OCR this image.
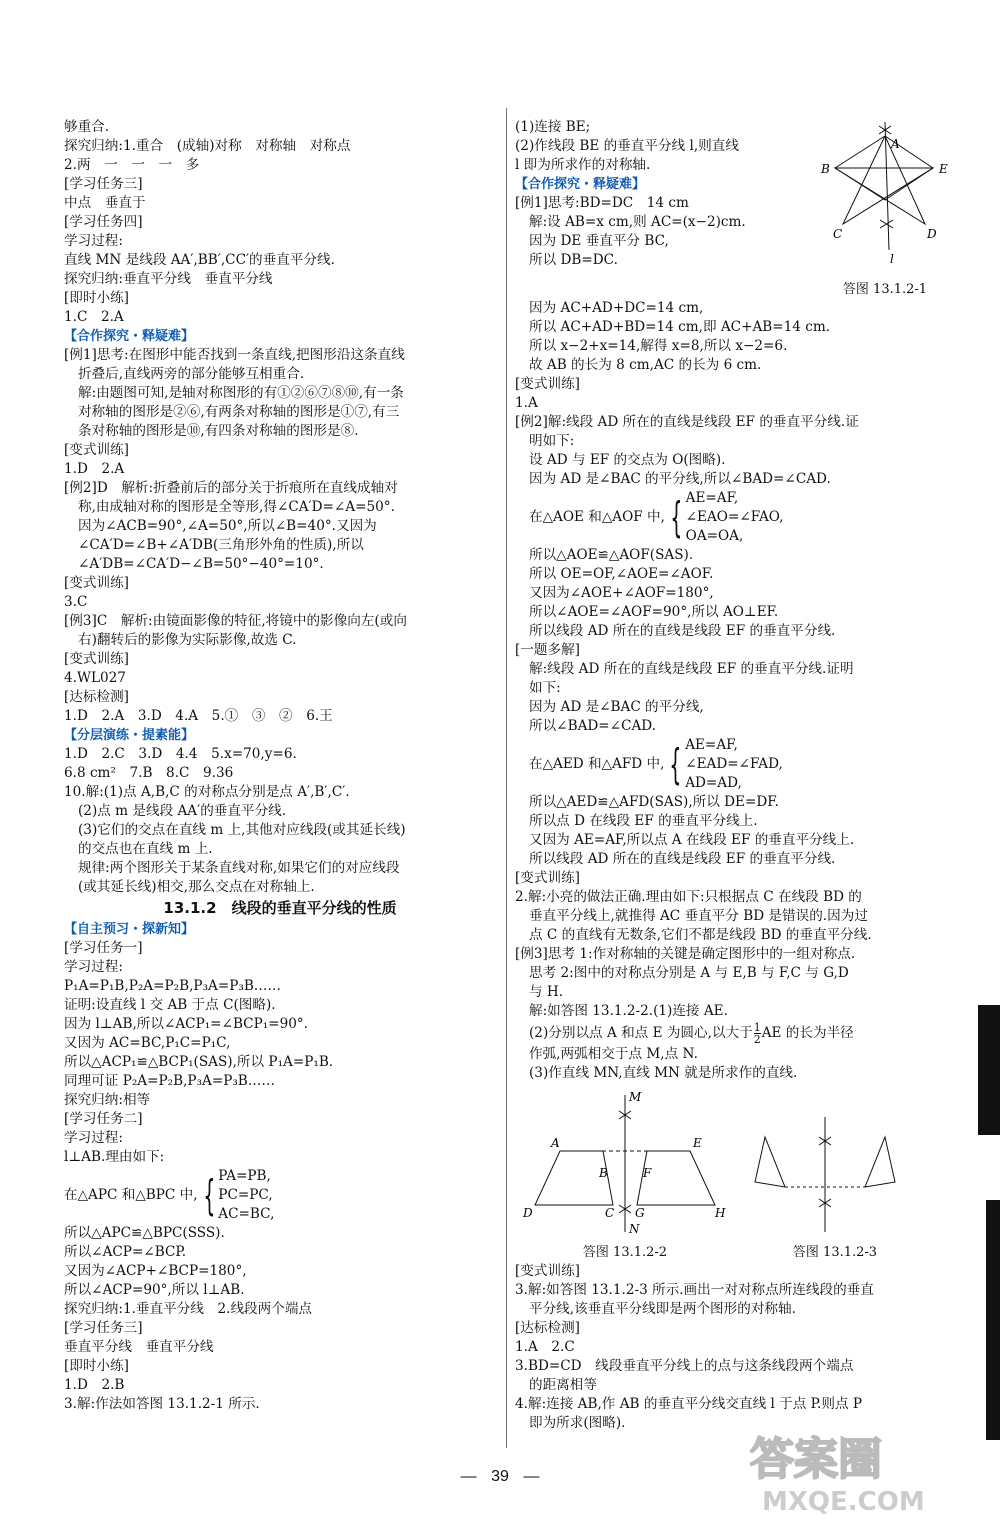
够重合.
探究归纳:1.重合　(成轴)对称　对称轴　对称点
2.两　一　一　一　多
[学习任务三]
中点　垂直于
[学习任务四]
学习过程:
直线 MN 是线段 AA′,BB′,CC′的垂直平分线.
探究归纳:垂直平分线　垂直平分线
[即时小练]
1.C　2.A
【合作探究・释疑难】
[例1]思考:在图形中能否找到一条直线,把图形沿这条直线
折叠后,直线两旁的部分能够互相重合.
解:由题图可知,是轴对称图形的有①②⑥⑦⑧⑩,有一条
对称轴的图形是②⑥,有两条对称轴的图形是①⑦,有三
条对称轴的图形是⑩,有四条对称轴的图形是⑧.
[变式训练]
1.D　2.A
[例2]D　解析:折叠前后的部分关于折痕所在直线成轴对
称,由成轴对称的图形是全等形,得∠CA′D=∠A=50°.
因为∠ACB=90°,∠A=50°,所以∠B=40°.又因为
∠CA′D=∠B+∠A′DB(三角形外角的性质),所以
∠A′DB=∠CA′D−∠B=50°−40°=10°.
[变式训练]
3.C
[例3]C　解析:由镜面影像的特征,将镜中的影像向左(或向
右)翻转后的影像为实际影像,故选 C.
[变式训练]
4.WL027
[达标检测]
1.D　2.A　3.D　4.A　5.①　③　②　6.王
【分层演练・提素能】
1.D　2.C　3.D　4.4　5.x=70,y=6.
6.8 cm²　7.B　8.C　9.36
10.解:(1)点 A,B,C 的对称点分别是点 A′,B′,C′.
(2)点 m 是线段 AA′的垂直平分线.
(3)它们的交点在直线 m 上,其他对应线段(或其延长线)
的交点也在直线 m 上.
规律:两个图形关于某条直线对称,如果它们的对应线段
(或其延长线)相交,那么交点在对称轴上.
13.1.2　线段的垂直平分线的性质
【自主预习・探新知】
[学习任务一]
学习过程:
P₁A=P₁B,P₂A=P₂B,P₃A=P₃B……
证明:设直线 l 交 AB 于点 C(图略).
因为 l⊥AB,所以∠ACP₁=∠BCP₁=90°.
又因为 AC=BC,P₁C=P₁C,
所以△ACP₁≌△BCP₁(SAS),所以 P₁A=P₁B.
同理可证 P₂A=P₂B,P₃A=P₃B……
探究归纳:相等
[学习任务二]
学习过程:
l⊥AB.理由如下:
在△APC 和△BPC 中, { PA=PB,
PC=PC,
AC=BC,
所以△APC≌△BPC(SSS).
所以∠ACP=∠BCP.
又因为∠ACP+∠BCP=180°,
所以∠ACP=90°,所以 l⊥AB.
探究归纳:1.垂直平分线　2.线段两个端点
[学习任务三]
垂直平分线　垂直平分线
[即时小练]
1.D　2.B
3.解:作法如答图 13.1.2-1 所示.
(1)连接 BE;
(2)作线段 BE 的垂直平分线 l,则直线
l 即为所求作的对称轴.
【合作探究・释疑难】
[例1]思考:BD=DC　14 cm
解:设 AB=x cm,则 AC=(x−2)cm.
因为 DE 垂直平分 BC,
所以 DB=DC.
A
B	E
C	D
l
答图 13.1.2-1
因为 AC+AD+DC=14 cm,
所以 AC+AD+BD=14 cm,即 AC+AB=14 cm.
所以 x−2+x=14,解得 x=8,所以 x−2=6.
故 AB 的长为 8 cm,AC 的长为 6 cm.
[变式训练]
1.A
[例2]解:线段 AD 所在的直线是线段 EF 的垂直平分线.证
明如下:
设 AD 与 EF 的交点为 O(图略).
因为 AD 是∠BAC 的平分线,所以∠BAD=∠CAD.
在△AOE 和△AOF 中, { AE=AF,
∠EAO=∠FAO,
OA=OA,
所以△AOE≌△AOF(SAS).
所以 OE=OF,∠AOE=∠AOF.
又因为∠AOE+∠AOF=180°,
所以∠AOE=∠AOF=90°,所以 AO⊥EF.
所以线段 AD 所在的直线是线段 EF 的垂直平分线.
[一题多解]
解:线段 AD 所在的直线是线段 EF 的垂直平分线.证明
如下:
因为 AD 是∠BAC 的平分线,
所以∠BAD=∠CAD.
在△AED 和△AFD 中, { AE=AF,
∠EAD=∠FAD,
AD=AD,
所以△AED≌△AFD(SAS),所以 DE=DF.
所以点 D 在线段 EF 的垂直平分线上.
又因为 AE=AF,所以点 A 在线段 EF 的垂直平分线上.
所以线段 AD 所在的直线是线段 EF 的垂直平分线.
[变式训练]
2.解:小亮的做法正确.理由如下:只根据点 C 在线段 BD 的
垂直平分线上,就推得 AC 垂直平分 BD 是错误的.因为过
点 C 的直线有无数条,它们不都是线段 BD 的垂直平分线.
[例3]思考 1:作对称轴的关键是确定图形中的一组对称点.
思考 2:图中的对称点分别是 A 与 E,B 与 F,C 与 G,D
与 H.
解:如答图 13.1.2-2.(1)连接 AE.
(2)分别以点 A 和点 E 为圆心,以大于 $\frac{1}{2}$ AE 的长为半径
作弧,两弧相交于点 M,点 N.
(3)作直线 MN,直线 MN 就是所求作的直线.
M
N
A	E
B	F
D	C G	H
答图 13.1.2-2	答图 13.1.2-3
[变式训练]
3.解:如答图 13.1.2-3 所示.画出一对对称点所连线段的垂直
平分线,该垂直平分线即是两个图形的对称轴.
[达标检测]
1.A　2.C
3.BD=CD　线段垂直平分线上的点与这条线段两个端点
的距离相等
4.解:连接 AB,作 AB 的垂直平分线交直线 l 于点 P.则点 P
即为所求(图略).
— 39 —	答案圈
MXQE.COM
